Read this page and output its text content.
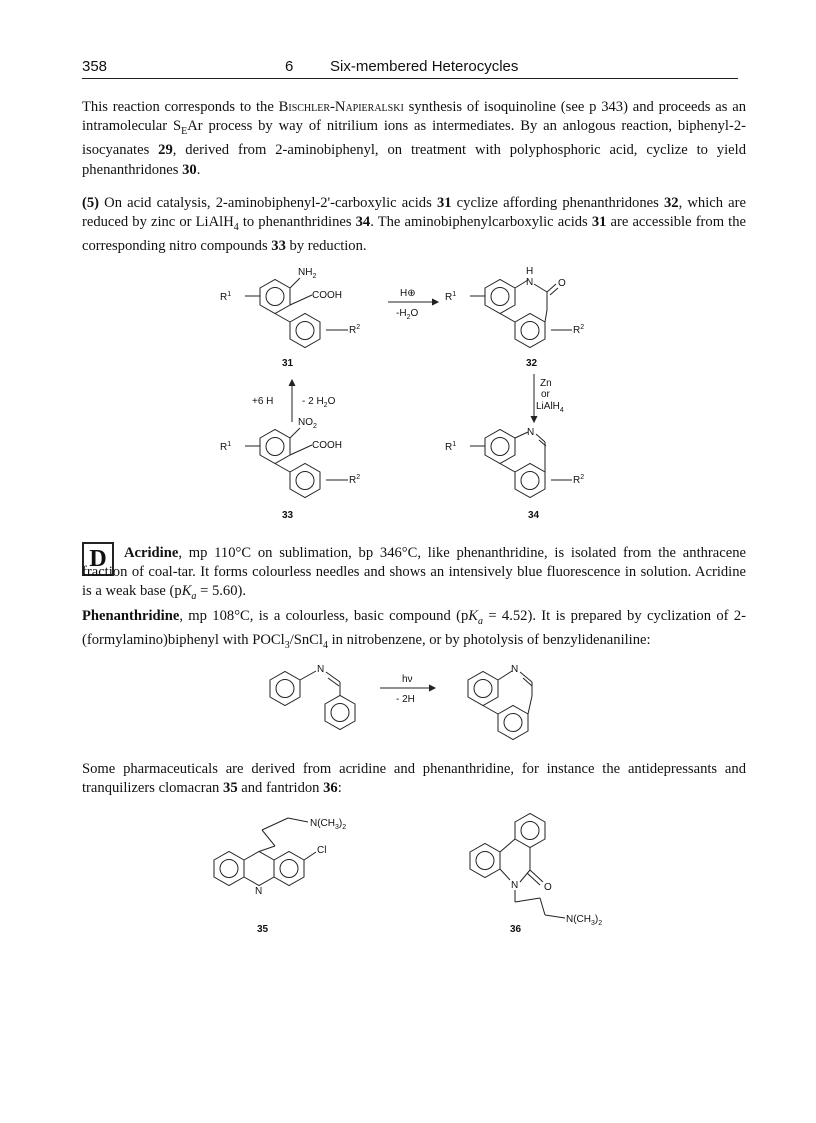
358	6 Six-membered Heterocycles

This reaction corresponds to the Bischler-Napieralski synthesis of isoquinoline (see p 343) and proceeds as an intramolecular $S_EAr$ process by way of nitrilium ions as intermediates. By an anlogous reaction, biphenyl-2-isocyanates 29, derived from 2-aminobiphenyl, on treatment with polyphosphoric acid, cyclize to yield phenanthridones 30.

(5) On acid catalysis, 2-aminobiphenyl-2'-carboxylic acids 31 cyclize affording phenanthridones 32, which are reduced by zinc or LiAlH$_4$ to phenanthridines 34. The aminobiphenylcarboxylic acids 31 are accessible from the corresponding nitro compounds 33 by reduction.

$R^1$
$NH_2$
COOH
$R^2$
31
H⊕
$-H_2O$
$R^1$
H
N O
$R^2$
32
+6 H	- 2 $H_2O$
Zn
or
LiAlH$_4$
$R^1$
$NO_2$
COOH
$R^2$
33
$R^1$
N
$R^2$
34
D	Acridine, mp 110°C on sublimation, bp 346°C, like phenanthridine, is isolated from the anthracene fraction of coal-tar. It forms colourless needles and shows an intensively blue fluorescence in solution. Acridine is a weak base $(pK_a = 5.60)$.
Phenanthridine, mp 108°C, is a colourless, basic compound $(pK_a = 4.52)$. It is prepared by cyclization of 2-(formylamino)biphenyl with POCl$_3$/SnCl$_4$ in nitrobenzene, or by photolysis of benzylidenaniline:

N
hν
- 2H
N

Some pharmaceuticals are derived from acridine and phenanthridine, for instance the antidepressants and tranquilizers clomacran 35 and fantridon 36:

$N(CH_3)_2$
Cl
N
35
N	O
$N(CH_3)_2$
36
